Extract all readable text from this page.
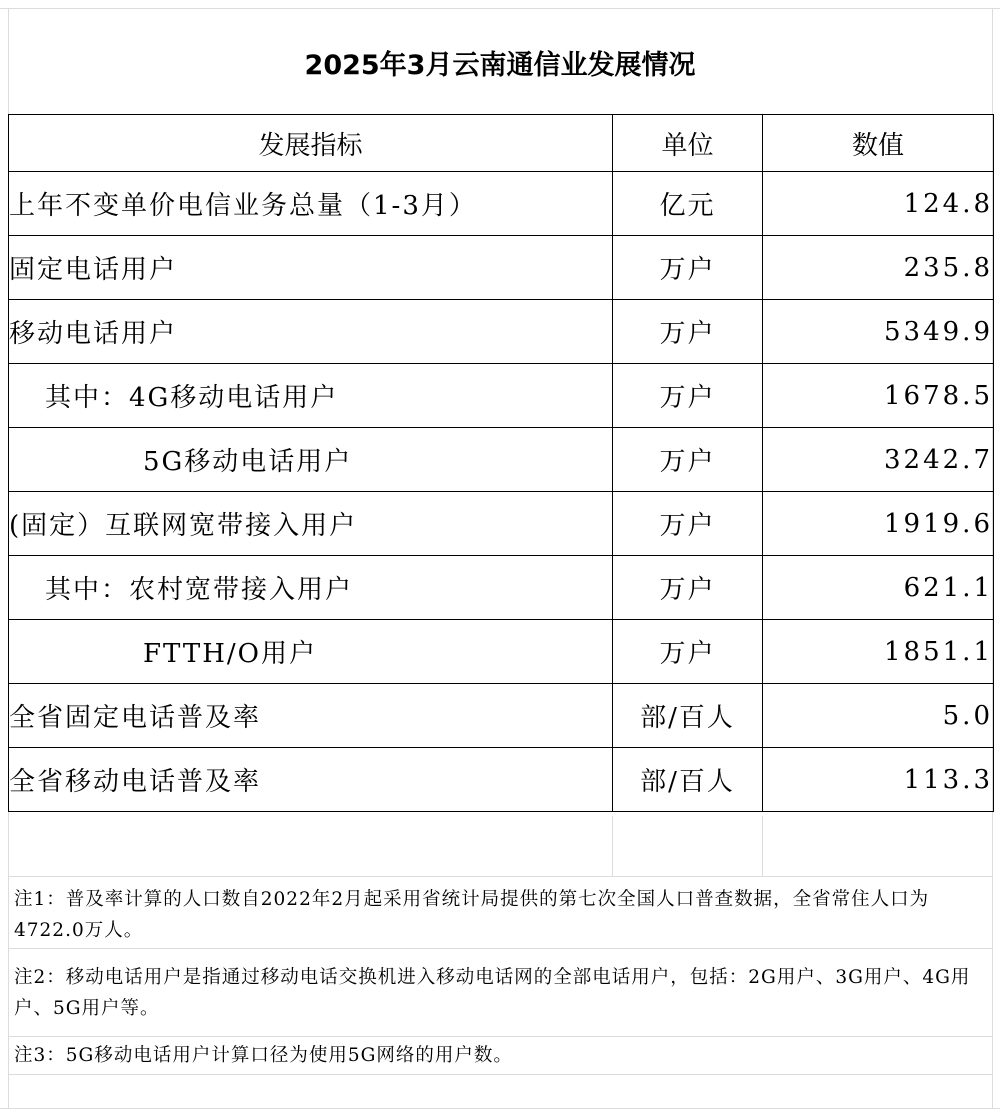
2025年3月云南通信业发展情况
发展指标	单位	数值
上年不变单价电信业务总量（1-3月）	亿元	124.8
固定电话用户	万户	235.8
移动电话用户	万户	5349.9
其中：4G移动电话用户	万户	1678.5
5G移动电话用户	万户	3242.7
(固定）互联网宽带接入用户	万户	1919.6
其中：农村宽带接入用户	万户	621.1
FTTH/O用户	万户	1851.1
全省固定电话普及率	部/百人	5.0
全省移动电话普及率	部/百人	113.3
注1：普及率计算的人口数自2022年2月起采用省统计局提供的第七次全国人口普查数据，全省常住人口为4722.0万人。
注2：移动电话用户是指通过移动电话交换机进入移动电话网的全部电话用户，包括：2G用户、3G用户、4G用户、5G用户等。
注3：5G移动电话用户计算口径为使用5G网络的用户数。
